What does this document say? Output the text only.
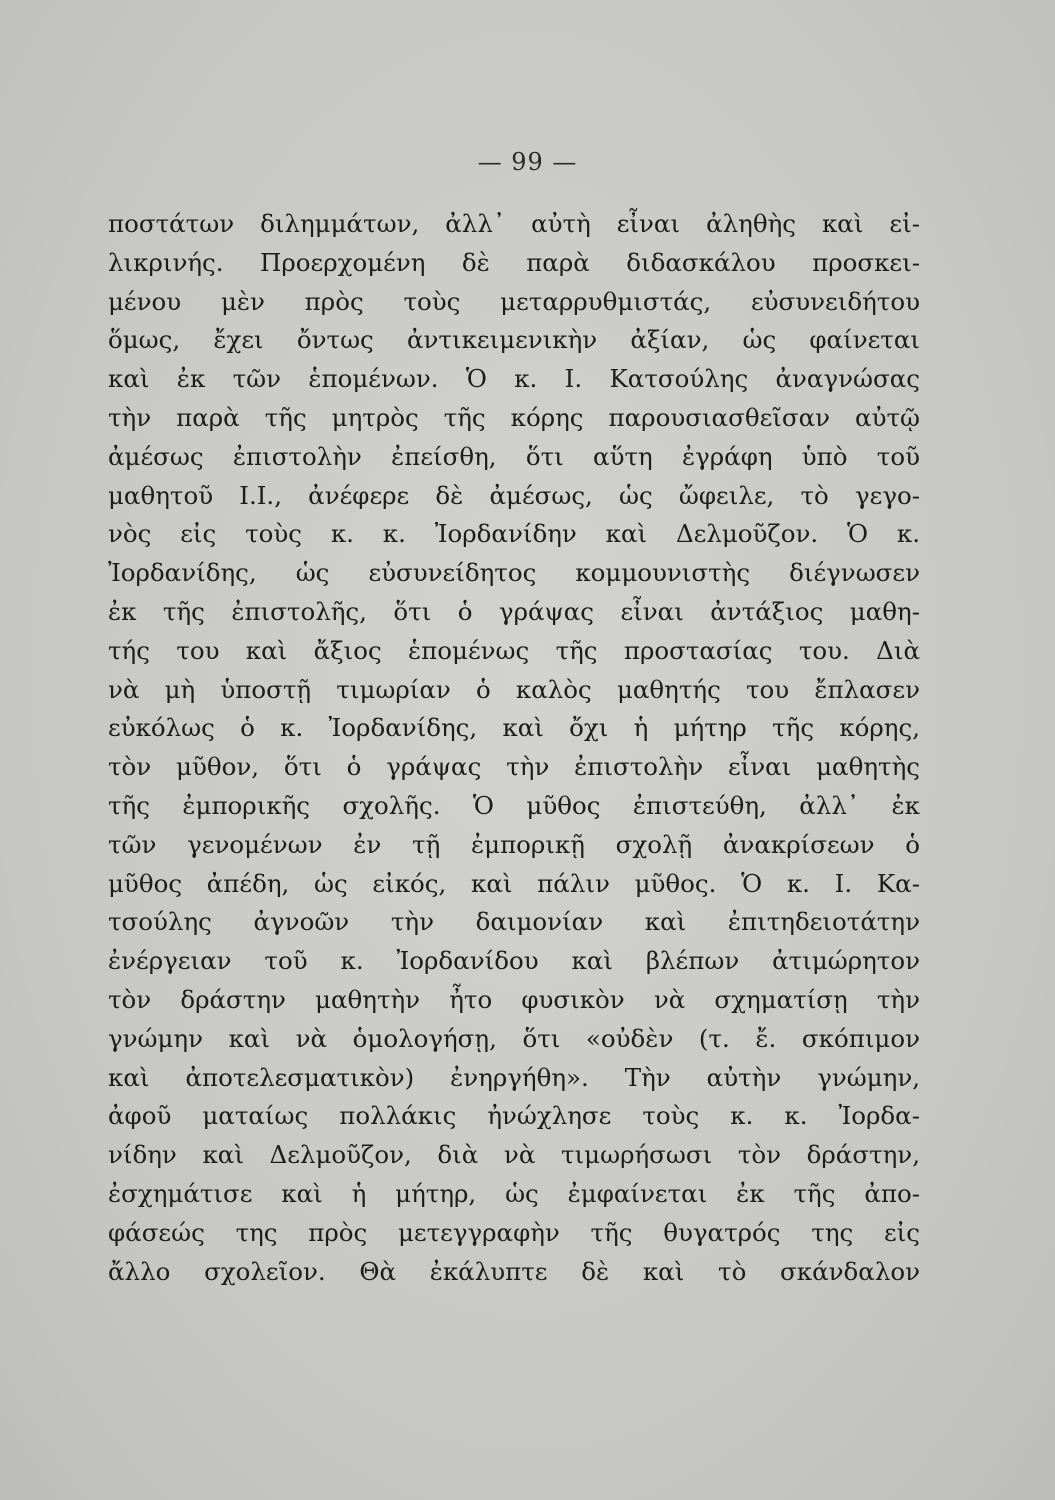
— 99 —
ποστάτων διλημμάτων, ἀλλ᾿ αὐτὴ εἶναι ἀληθὴς καὶ εἰ-
λικρινής. Προερχομένη δὲ παρὰ διδασκάλου προσκει-
μένου μὲν πρὸς τοὺς μεταρρυθμιστάς, εὐσυνειδήτου
ὅμως, ἔχει ὄντως ἀντικειμενικὴν ἀξίαν, ὡς φαίνεται
καὶ ἐκ τῶν ἑπομένων. Ὁ κ. Ι. Κατσούλης ἀναγνώσας
τὴν παρὰ τῆς μητρὸς τῆς κόρης παρουσιασθεῖσαν αὐτῷ
ἀμέσως ἐπιστολὴν ἐπείσθη, ὅτι αὕτη ἐγράφη ὑπὸ τοῦ
μαθητοῦ Ι.Ι., ἀνέφερε δὲ ἀμέσως, ὡς ὤφειλε, τὸ γεγο-
νὸς εἰς τοὺς κ. κ. Ἰορδανίδην καὶ Δελμοῦζον. Ὁ κ.
Ἰορδανίδης, ὡς εὐσυνείδητος κομμουνιστὴς διέγνωσεν
ἐκ τῆς ἐπιστολῆς, ὅτι ὁ γράψας εἶναι ἀντάξιος μαθη-
τής του καὶ ἄξιος ἑπομένως τῆς προστασίας του. Διὰ
νὰ μὴ ὑποστῇ τιμωρίαν ὁ καλὸς μαθητής του ἔπλασεν
εὐκόλως ὁ κ. Ἰορδανίδης, καὶ ὄχι ἡ μήτηρ τῆς κόρης,
τὸν μῦθον, ὅτι ὁ γράψας τὴν ἐπιστολὴν εἶναι μαθητὴς
τῆς ἐμπορικῆς σχολῆς. Ὁ μῦθος ἐπιστεύθη, ἀλλ᾿ ἐκ
τῶν γενομένων ἐν τῇ ἐμπορικῇ σχολῇ ἀνακρίσεων ὁ
μῦθος ἀπέδη, ὡς εἰκός, καὶ πάλιν μῦθος. Ὁ κ. Ι. Κα-
τσούλης ἀγνοῶν τὴν δαιμονίαν καὶ ἐπιτηδειοτάτην
ἐνέργειαν τοῦ κ. Ἰορδανίδου καὶ βλέπων ἀτιμώρητον
τὸν δράστην μαθητὴν ἦτο φυσικὸν νὰ σχηματίσῃ τὴν
γνώμην καὶ νὰ ὁμολογήσῃ, ὅτι «οὐδὲν (τ. ἔ. σκόπιμον
καὶ ἀποτελεσματικὸν) ἐνηργήθη». Τὴν αὐτὴν γνώμην,
ἀφοῦ ματαίως πολλάκις ἠνώχλησε τοὺς κ. κ. Ἰορδα-
νίδην καὶ Δελμοῦζον, διὰ νὰ τιμωρήσωσι τὸν δράστην,
ἐσχημάτισε καὶ ἡ μήτηρ, ὡς ἐμφαίνεται ἐκ τῆς ἀπο-
φάσεώς της πρὸς μετεγγραφὴν τῆς θυγατρός της εἰς
ἄλλο σχολεῖον. Θὰ ἐκάλυπτε δὲ καὶ τὸ σκάνδαλον
